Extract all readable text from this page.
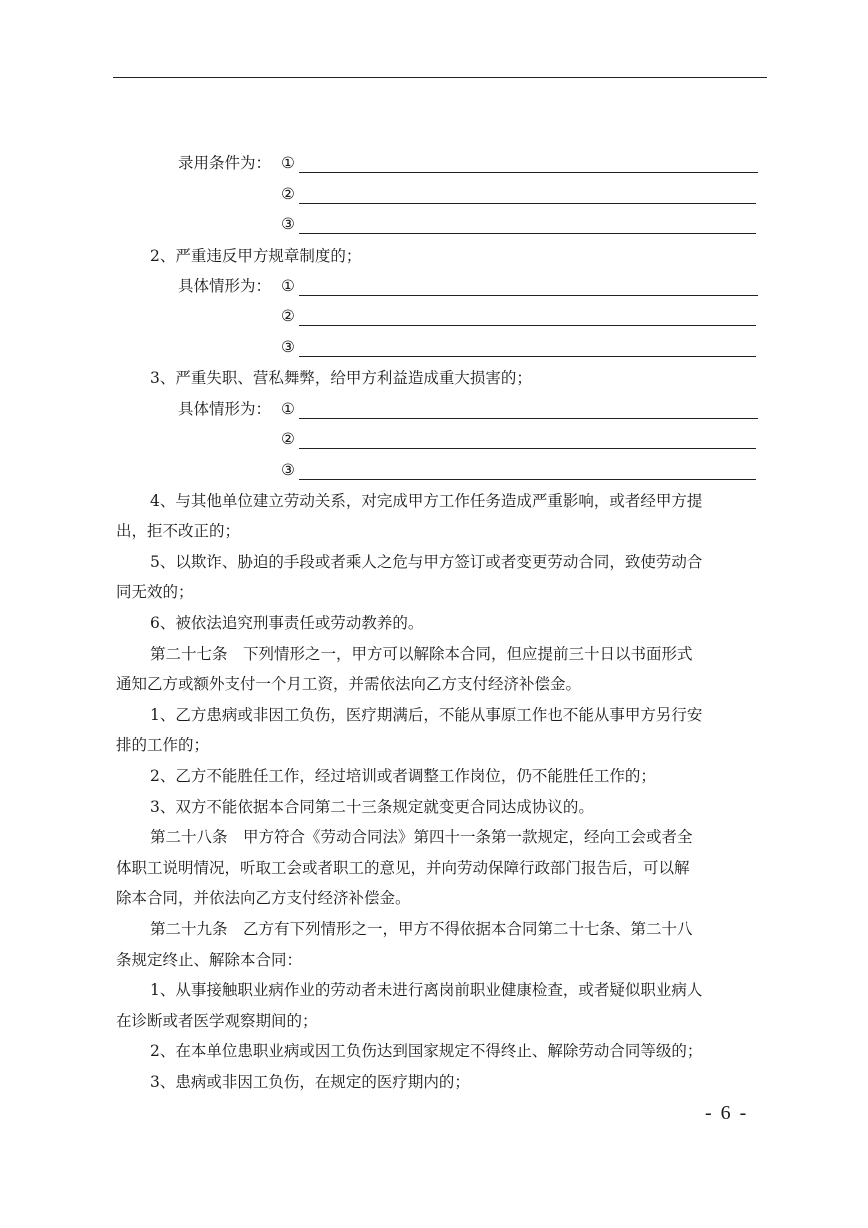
录用条件为： ①
②
③
2、严重违反甲方规章制度的；
具体情形为： ①
②
③
3、严重失职、营私舞弊，给甲方利益造成重大损害的；
具体情形为： ①
②
③
4、与其他单位建立劳动关系，对完成甲方工作任务造成严重影响，或者经甲方提
出，拒不改正的；
5、以欺诈、胁迫的手段或者乘人之危与甲方签订或者变更劳动合同，致使劳动合
同无效的；
6、被依法追究刑事责任或劳动教养的。
第二十七条　下列情形之一，甲方可以解除本合同，但应提前三十日以书面形式
通知乙方或额外支付一个月工资，并需依法向乙方支付经济补偿金。
1、乙方患病或非因工负伤，医疗期满后，不能从事原工作也不能从事甲方另行安
排的工作的；
2、乙方不能胜任工作，经过培训或者调整工作岗位，仍不能胜任工作的；
3、双方不能依据本合同第二十三条规定就变更合同达成协议的。
第二十八条　甲方符合《劳动合同法》第四十一条第一款规定，经向工会或者全
体职工说明情况，听取工会或者职工的意见，并向劳动保障行政部门报告后，可以解
除本合同，并依法向乙方支付经济补偿金。
第二十九条　乙方有下列情形之一，甲方不得依据本合同第二十七条、第二十八
条规定终止、解除本合同：
1、从事接触职业病作业的劳动者未进行离岗前职业健康检查，或者疑似职业病人
在诊断或者医学观察期间的；
2、在本单位患职业病或因工负伤达到国家规定不得终止、解除劳动合同等级的；
3、患病或非因工负伤，在规定的医疗期内的；
- 6 -
